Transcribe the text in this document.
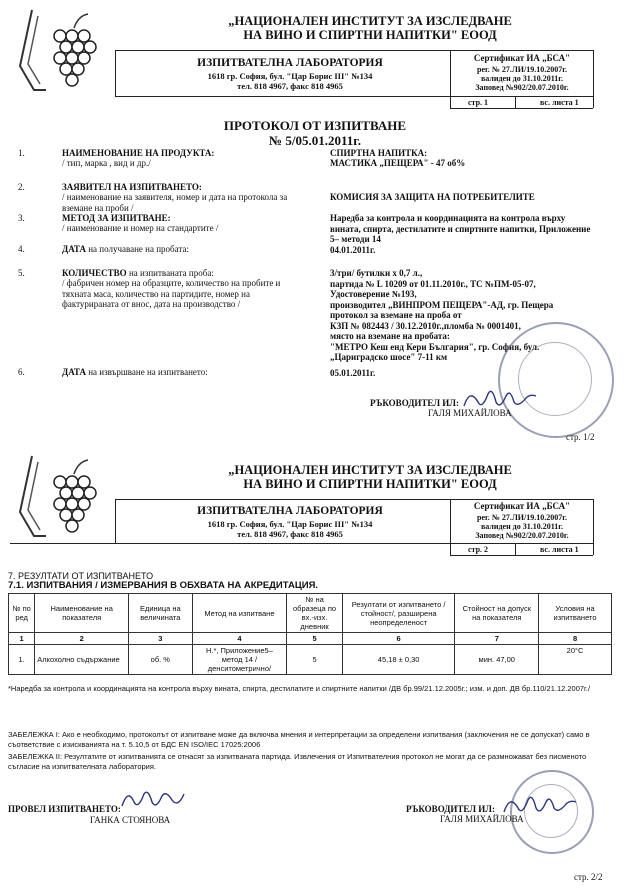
„НАЦИОНАЛЕН ИНСТИТУТ ЗА ИЗСЛЕДВАНЕ
НА ВИНО И СПИРТНИ НАПИТКИ" ЕООД
ИЗПИТВАТЕЛНА ЛАБОРАТОРИЯ
1618 гр. София, бул. "Цар Борис III" №134
тел. 818 4967, факс 818 4965
Сертификат ИА „БСА"
рег. № 27.ЛИ/19.10.2007г.
валиден до 31.10.2011г.
Заповед №902/20.07.2010г.
стр. 1	вс. листа 1
ПРОТОКОЛ ОТ ИЗПИТВАНЕ
№ 5/05.01.2011г.
1.	НАИМЕНОВАНИЕ НА ПРОДУКТА:
/ тип, марка , вид и др./
СПИРТНА НАПИТКА:
МАСТИКА „ПЕЩЕРА" - 47 об%
2.	ЗАЯВИТЕЛ НА ИЗПИТВАНЕТО:
/ наименование на заявителя, номер и дата на протокола за вземане на проби /
КОМИСИЯ ЗА ЗАЩИТА НА ПОТРЕБИТЕЛИТЕ
3.	МЕТОД ЗА ИЗПИТВАНЕ:
/ наименование и номер на стандартите /
Наредба за контрола и координацията на контрола върху вината, спирта, дестилатите и спиртните напитки, Приложение 5– методи 14
4.	ДАТА на получаване на пробата:	04.01.2011г.
5.	КОЛИЧЕСТВО на изпитваната проба:
/ фабричен номер на образците, количество на пробите и тяхната маса, количество на партидите, номер на фактурираната от внос, дата на производство /
3/три/ бутилки х 0,7 л.,
партида № L 10209 от 01.11.2010г., ТС №ПМ-05-07,
Удостоверение №193,
производител „ВИНПРОМ ПЕЩЕРА"-АД, гр. Пещера
протокол за вземане на проба от
КЗП № 082443 / 30.12.2010г.,пломба № 0001401,
място на вземане на пробата:
"МЕТРО Кеш енд Кери България", гр. София, бул.
„Цариградско шосе" 7-11 км
6.	ДАТА на извършване на изпитването:	05.01.2011г.
РЪКОВОДИТЕЛ ИЛ:
ГАЛЯ МИХАЙЛОВА
стр. 1/2
„НАЦИОНАЛЕН ИНСТИТУТ ЗА ИЗСЛЕДВАНЕ
НА ВИНО И СПИРТНИ НАПИТКИ" ЕООД
ИЗПИТВАТЕЛНА ЛАБОРАТОРИЯ
1618 гр. София, бул. "Цар Борис III" №134
тел. 818 4967, факс 818 4965
Сертификат ИА „БСА"
рег. № 27.ЛИ/19.10.2007г.
валиден до 31.10.2011г.
Заповед №902/20.07.2010г.
стр. 2	вс. листа 1
7. РЕЗУЛТАТИ ОТ ИЗПИТВАНЕТО
7.1. ИЗПИТВАНИЯ / ИЗМЕРВАНИЯ В ОБХВАТА НА АКРЕДИТАЦИЯ.
№ по ред	Наименование на показателя	Единица на величината	Метод на изпитване	№ на образеца по вх.-изх. дневник	Резултати от изпитването /стойност/, разширена неопределеност	Стойност на допуск на показателя	Условия на изпитването
1	2	3	4	5	6	7	8
1.	Алкохолно съдържание	об. %	Н.*, Приложение5– метод 14 /денситометрично/	5	45,18 ± 0,30	мин. 47,00	20°С
*Наредба за контрола и координацията на контрола върху вината, спирта, дестилатите и спиртните напитки /ДВ бр.99/21.12.2005г.; изм. и доп. ДВ бр.110/21.12.2007г./
ЗАБЕЛЕЖКА I: Ако е необходимо, протоколът от изпитване може да включва мнения и интерпретации за определени изпитвания (заключения не се допускат) само в съответствие с изискванията на т. 5.10,5 от БДС EN ISO/IEC 17025:2006
ЗАБЕЛЕЖКА II: Резултатите от изпитванията се отнасят за изпитваната партида. Извлечения от Изпитвателния протокол не могат да се размножават без писменото съгласие на изпитвателната лаборатория.
ПРОВЕЛ ИЗПИТВАНЕТО:
ГАНКА СТОЯНОВА
РЪКОВОДИТЕЛ ИЛ:
ГАЛЯ МИХАЙЛОВА
стр. 2/2
